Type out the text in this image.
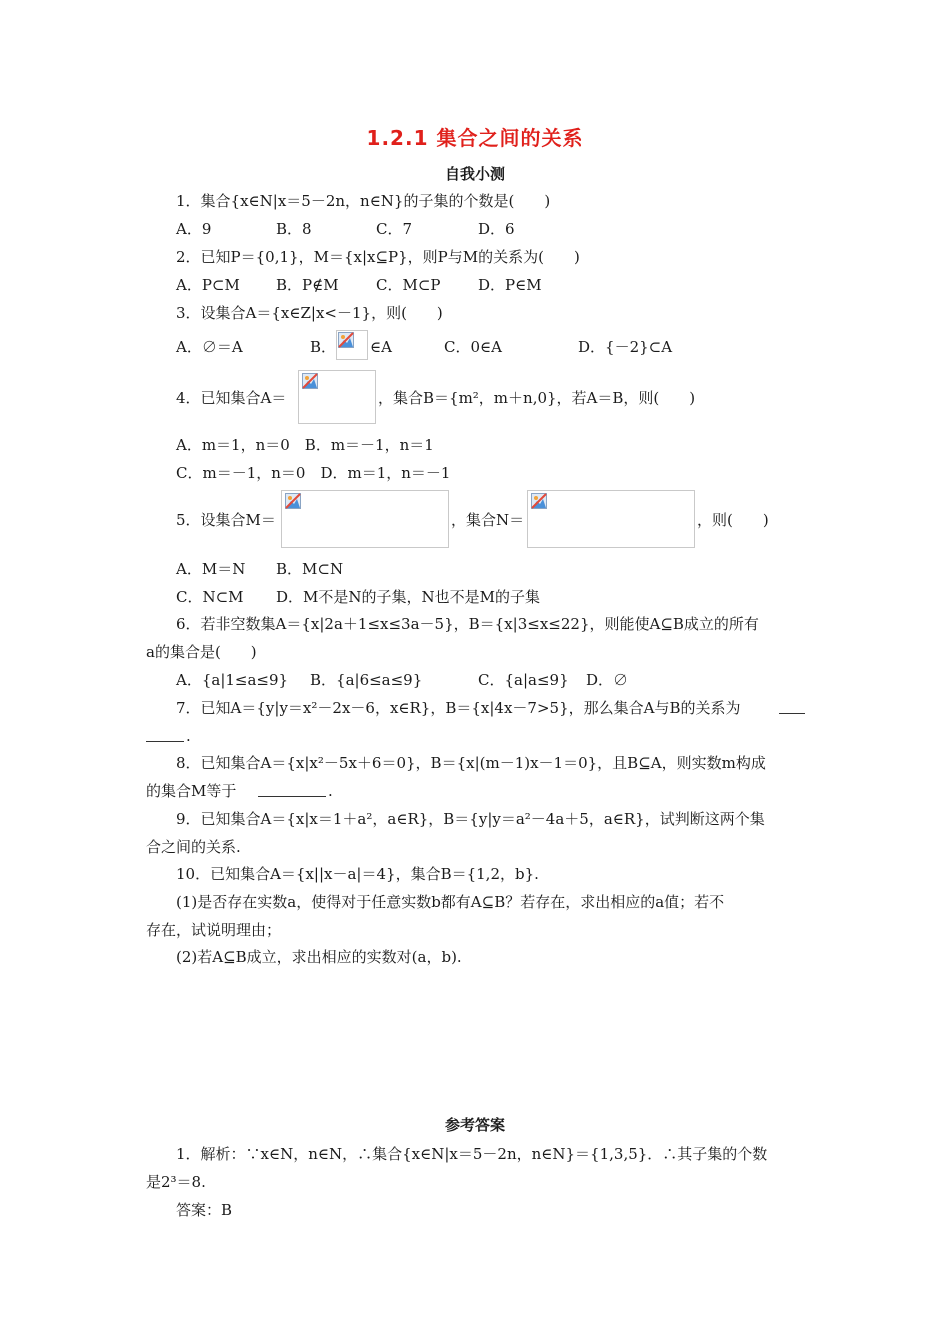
1.2.1 集合之间的关系
自我小测
1．集合{x∈N|x＝5－2n，n∈N}的子集的个数是(　　)
A．9	B．8	C．7	D．6
2．已知P＝{0,1}，M＝{x|x⊆P}，则P与M的关系为(　　)
A．P⊂M B．P∉M C．M⊂P	D．P∈M
3．设集合A＝{x∈Z|x<－1}，则(　　)
A．∅＝A	B． ∈A	C．0∈A	D．{－2}⊂A
4．已知集合A＝	，集合B＝{m²，m＋n,0}，若A＝B，则(　　)
A．m＝1，n＝0　B．m＝－1，n＝1
C．m＝－1，n＝0　D．m＝1，n＝－1
5．设集合M＝	，集合N＝	，则(　　)
A．M＝N B．M⊂N
C．N⊂M D．M不是N的子集，N也不是M的子集
6．若非空数集A＝{x|2a＋1≤x≤3a－5}，B＝{x|3≤x≤22}，则能使A⊆B成立的所有
a的集合是(　　)
A．{a|1≤a≤9} B．{a|6≤a≤9}	C．{a|a≤9} D．∅
7．已知A＝{y|y＝x²－2x－6，x∈R}，B＝{x|4x－7>5}，那么集合A与B的关系为
.
8．已知集合A＝{x|x²－5x＋6＝0}，B＝{x|(m－1)x－1＝0}，且B⊆A，则实数m构成
的集合M等于	.
9．已知集合A＝{x|x＝1＋a²，a∈R}，B＝{y|y＝a²－4a＋5，a∈R}，试判断这两个集
合之间的关系.
10．已知集合A＝{x||x－a|＝4}，集合B＝{1,2，b}.
(1)是否存在实数a，使得对于任意实数b都有A⊆B？若存在，求出相应的a值；若不
存在，试说明理由；
(2)若A⊆B成立，求出相应的实数对(a，b).
参考答案
1．解析：∵x∈N，n∈N，∴集合{x∈N|x＝5－2n，n∈N}＝{1,3,5}．∴其子集的个数
是2³＝8.
答案：B
